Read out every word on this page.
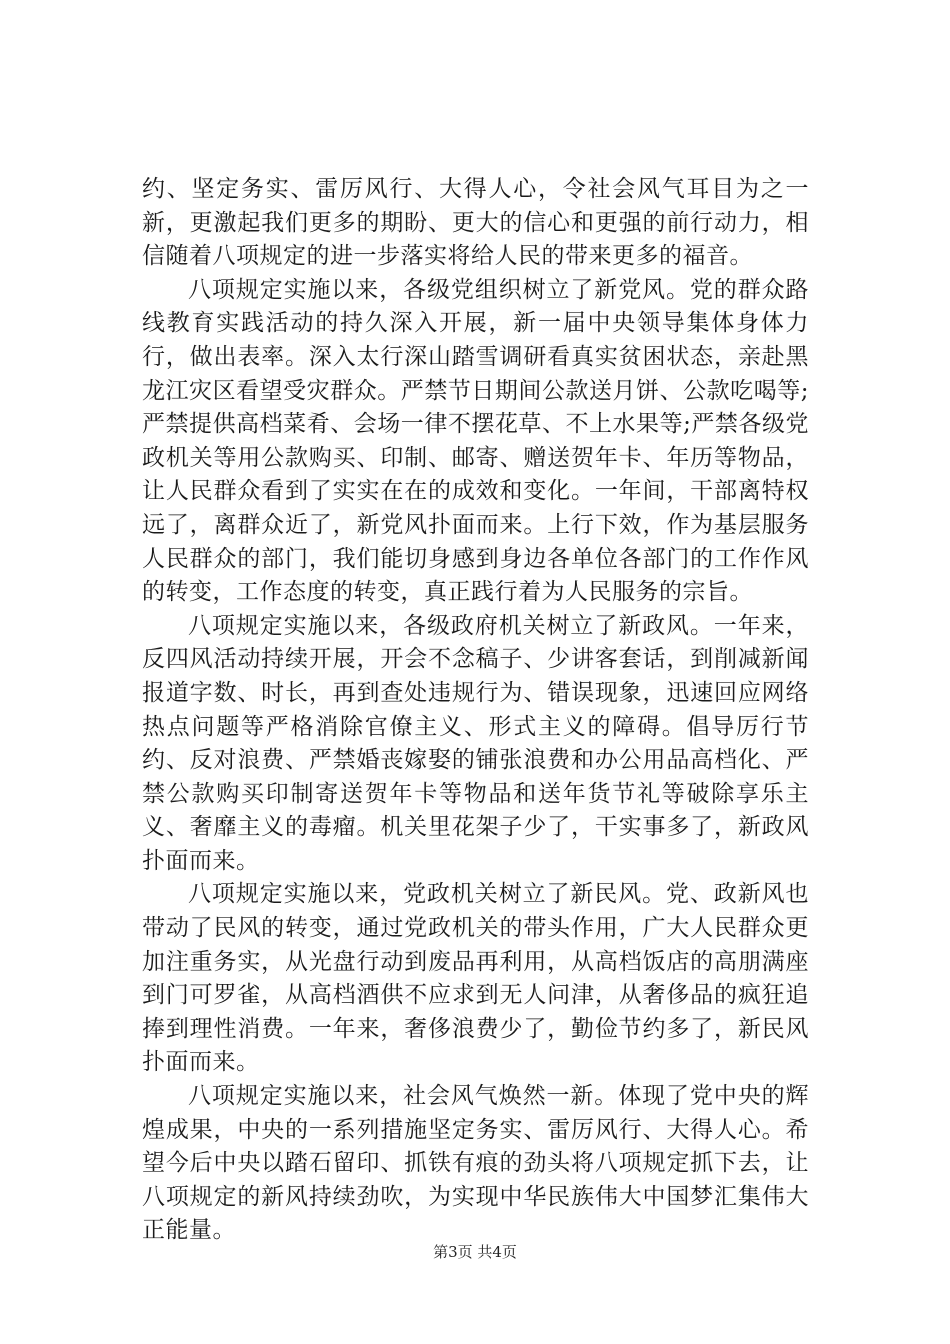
约、坚定务实、雷厉风行、大得人心，令社会风气耳目为之一新，更激起我们更多的期盼、更大的信心和更强的前行动力，相信随着八项规定的进一步落实将给人民的带来更多的福音。

八项规定实施以来，各级党组织树立了新党风。党的群众路线教育实践活动的持久深入开展，新一届中央领导集体身体力行，做出表率。深入太行深山踏雪调研看真实贫困状态，亲赴黑龙江灾区看望受灾群众。严禁节日期间公款送月饼、公款吃喝等;严禁提供高档菜肴、会场一律不摆花草、不上水果等;严禁各级党政机关等用公款购买、印制、邮寄、赠送贺年卡、年历等物品，让人民群众看到了实实在在的成效和变化。一年间，干部离特权远了，离群众近了，新党风扑面而来。上行下效，作为基层服务人民群众的部门，我们能切身感到身边各单位各部门的工作作风的转变，工作态度的转变，真正践行着为人民服务的宗旨。

八项规定实施以来，各级政府机关树立了新政风。一年来，反四风活动持续开展，开会不念稿子、少讲客套话，到削减新闻报道字数、时长，再到查处违规行为、错误现象，迅速回应网络热点问题等严格消除官僚主义、形式主义的障碍。倡导厉行节约、反对浪费、严禁婚丧嫁娶的铺张浪费和办公用品高档化、严禁公款购买印制寄送贺年卡等物品和送年货节礼等破除享乐主义、奢靡主义的毒瘤。机关里花架子少了，干实事多了，新政风扑面而来。

八项规定实施以来，党政机关树立了新民风。党、政新风也带动了民风的转变，通过党政机关的带头作用，广大人民群众更加注重务实，从光盘行动到废品再利用，从高档饭店的高朋满座到门可罗雀，从高档酒供不应求到无人问津，从奢侈品的疯狂追捧到理性消费。一年来，奢侈浪费少了，勤俭节约多了，新民风扑面而来。

八项规定实施以来，社会风气焕然一新。体现了党中央的辉煌成果，中央的一系列措施坚定务实、雷厉风行、大得人心。希望今后中央以踏石留印、抓铁有痕的劲头将八项规定抓下去，让八项规定的新风持续劲吹，为实现中华民族伟大中国梦汇集伟大正能量。

第3页 共4页
